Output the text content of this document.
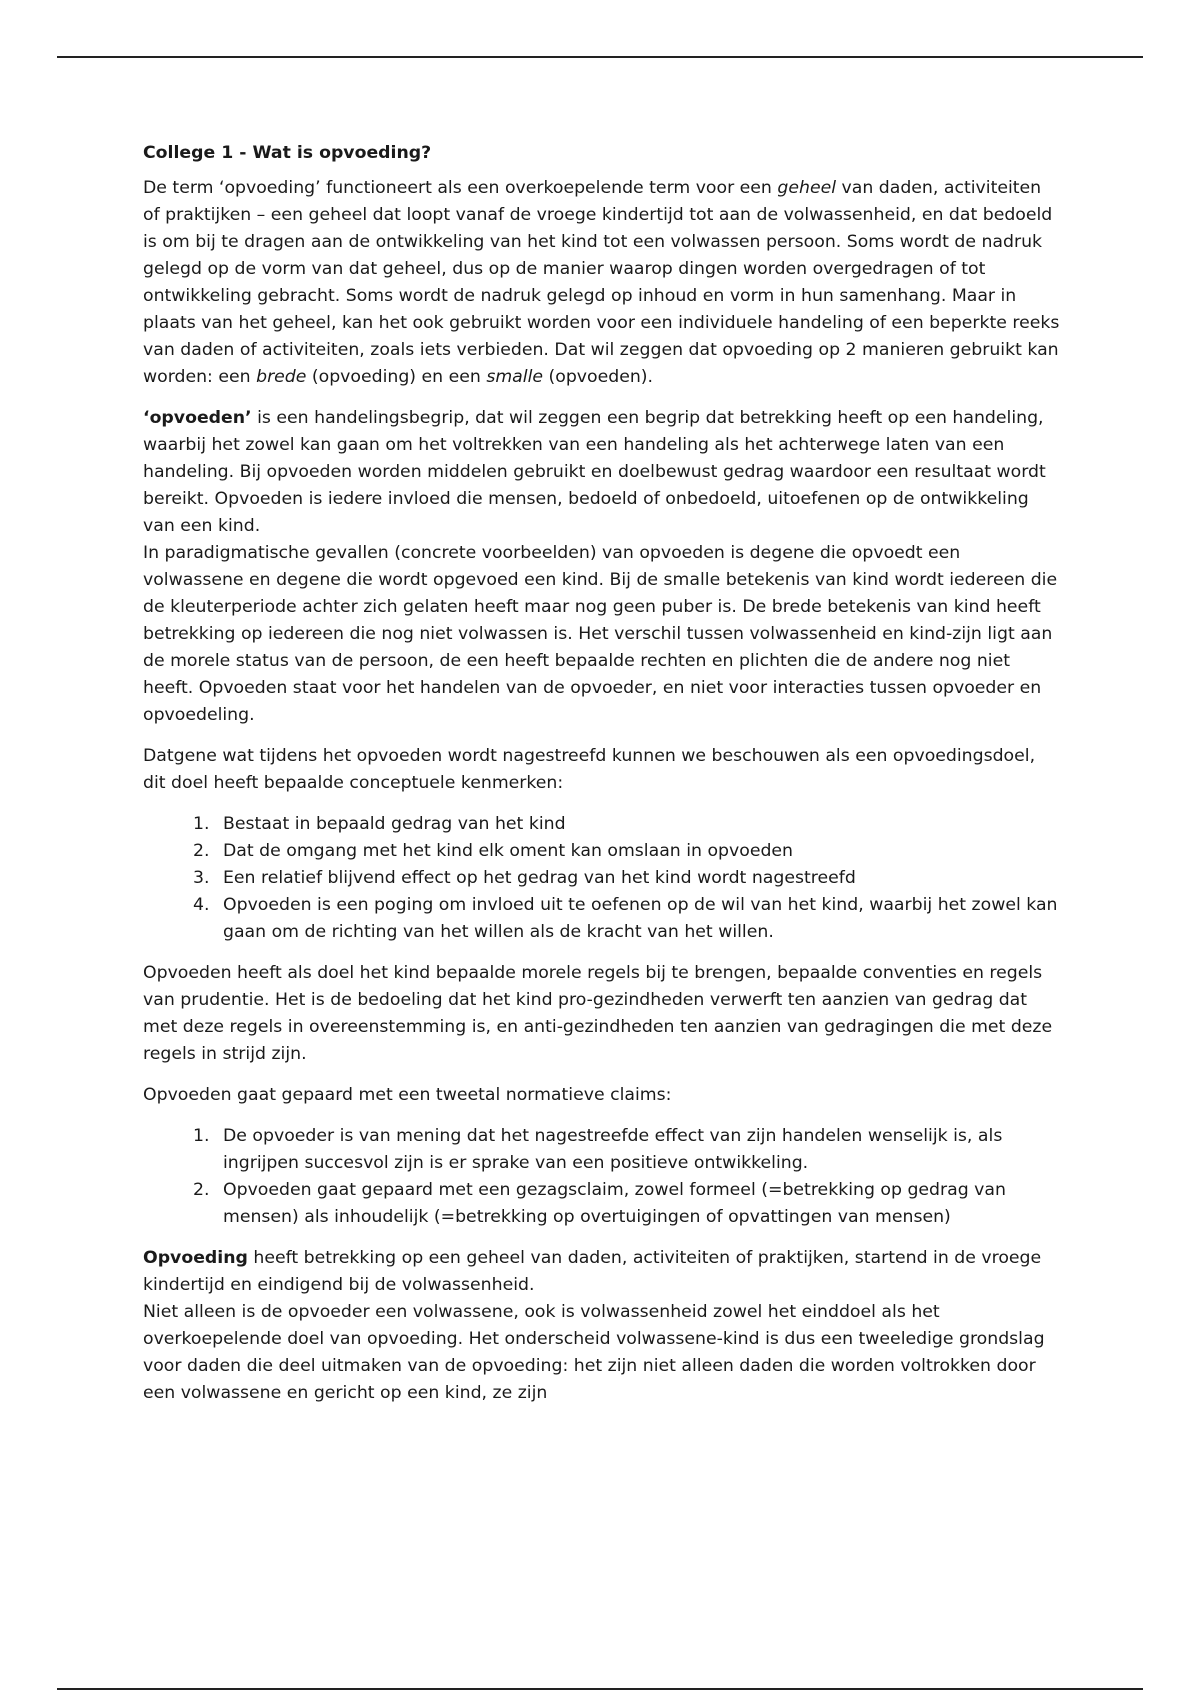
College 1 - Wat is opvoeding?

De term ‘opvoeding’ functioneert als een overkoepelende term voor een geheel van daden, activiteiten of praktijken – een geheel dat loopt vanaf de vroege kindertijd tot aan de volwassenheid, en dat bedoeld is om bij te dragen aan de ontwikkeling van het kind tot een volwassen persoon. Soms wordt de nadruk gelegd op de vorm van dat geheel, dus op de manier waarop dingen worden overgedragen of tot ontwikkeling gebracht. Soms wordt de nadruk gelegd op inhoud en vorm in hun samenhang. Maar in plaats van het geheel, kan het ook gebruikt worden voor een individuele handeling of een beperkte reeks van daden of activiteiten, zoals iets verbieden. Dat wil zeggen dat opvoeding op 2 manieren gebruikt kan worden: een brede (opvoeding) en een smalle (opvoeden).

‘opvoeden’ is een handelingsbegrip, dat wil zeggen een begrip dat betrekking heeft op een handeling, waarbij het zowel kan gaan om het voltrekken van een handeling als het achterwege laten van een handeling. Bij opvoeden worden middelen gebruikt en doelbewust gedrag waardoor een resultaat wordt bereikt. Opvoeden is iedere invloed die mensen, bedoeld of onbedoeld, uitoefenen op de ontwikkeling van een kind.
In paradigmatische gevallen (concrete voorbeelden) van opvoeden is degene die opvoedt een volwassene en degene die wordt opgevoed een kind. Bij de smalle betekenis van kind wordt iedereen die de kleuterperiode achter zich gelaten heeft maar nog geen puber is. De brede betekenis van kind heeft betrekking op iedereen die nog niet volwassen is. Het verschil tussen volwassenheid en kind-zijn ligt aan de morele status van de persoon, de een heeft bepaalde rechten en plichten die de andere nog niet heeft. Opvoeden staat voor het handelen van de opvoeder, en niet voor interacties tussen opvoeder en opvoedeling.

Datgene wat tijdens het opvoeden wordt nagestreefd kunnen we beschouwen als een opvoedingsdoel, dit doel heeft bepaalde conceptuele kenmerken:

1. Bestaat in bepaald gedrag van het kind
2. Dat de omgang met het kind elk oment kan omslaan in opvoeden
3. Een relatief blijvend effect op het gedrag van het kind wordt nagestreefd
4. Opvoeden is een poging om invloed uit te oefenen op de wil van het kind, waarbij het zowel kan gaan om de richting van het willen als de kracht van het willen.

Opvoeden heeft als doel het kind bepaalde morele regels bij te brengen, bepaalde conventies en regels van prudentie. Het is de bedoeling dat het kind pro-gezindheden verwerft ten aanzien van gedrag dat met deze regels in overeenstemming is, en anti-gezindheden ten aanzien van gedragingen die met deze regels in strijd zijn.

Opvoeden gaat gepaard met een tweetal normatieve claims:

1. De opvoeder is van mening dat het nagestreefde effect van zijn handelen wenselijk is, als ingrijpen succesvol zijn is er sprake van een positieve ontwikkeling.
2. Opvoeden gaat gepaard met een gezagsclaim, zowel formeel (=betrekking op gedrag van mensen) als inhoudelijk (=betrekking op overtuigingen of opvattingen van mensen)

Opvoeding heeft betrekking op een geheel van daden, activiteiten of praktijken, startend in de vroege kindertijd en eindigend bij de volwassenheid.
Niet alleen is de opvoeder een volwassene, ook is volwassenheid zowel het einddoel als het overkoepelende doel van opvoeding. Het onderscheid volwassene-kind is dus een tweeledige grondslag voor daden die deel uitmaken van de opvoeding: het zijn niet alleen daden die worden voltrokken door een volwassene en gericht op een kind, ze zijn
